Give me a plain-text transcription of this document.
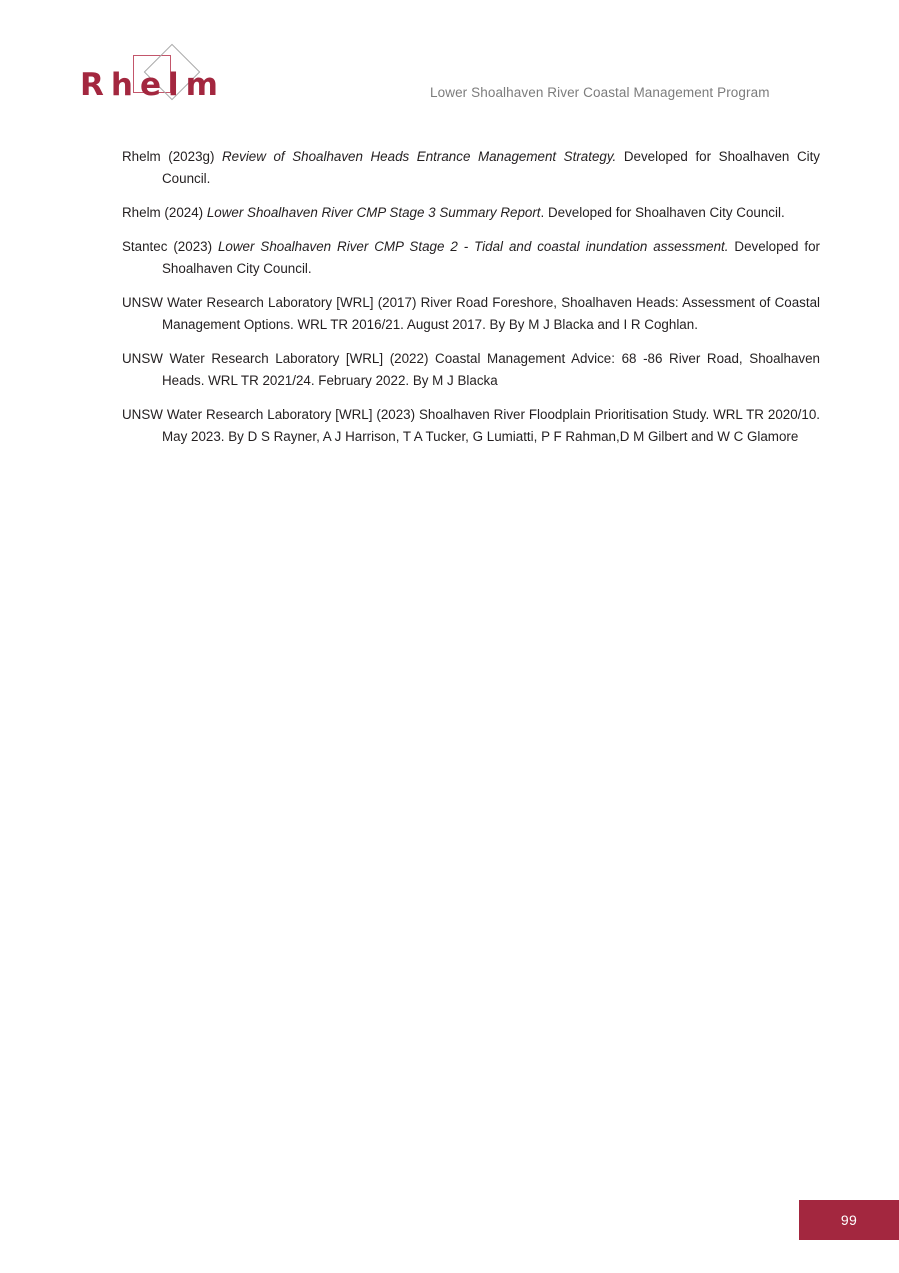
Rhelm	Lower Shoalhaven River Coastal Management Program

Rhelm (2023g) Review of Shoalhaven Heads Entrance Management Strategy. Developed for Shoalhaven City Council.

Rhelm (2024) Lower Shoalhaven River CMP Stage 3 Summary Report. Developed for Shoalhaven City Council.

Stantec (2023) Lower Shoalhaven River CMP Stage 2 - Tidal and coastal inundation assessment. Developed for Shoalhaven City Council.

UNSW Water Research Laboratory [WRL] (2017) River Road Foreshore, Shoalhaven Heads: Assessment of Coastal Management Options. WRL TR 2016/21. August 2017. By By M J Blacka and I R Coghlan.

UNSW Water Research Laboratory [WRL] (2022) Coastal Management Advice: 68 -86 River Road, Shoalhaven Heads. WRL TR 2021/24. February 2022. By M J Blacka

UNSW Water Research Laboratory [WRL] (2023) Shoalhaven River Floodplain Prioritisation Study. WRL TR 2020/10. May 2023. By D S Rayner, A J Harrison, T A Tucker, G Lumiatti, P F Rahman,D M Gilbert and W C Glamore

99
